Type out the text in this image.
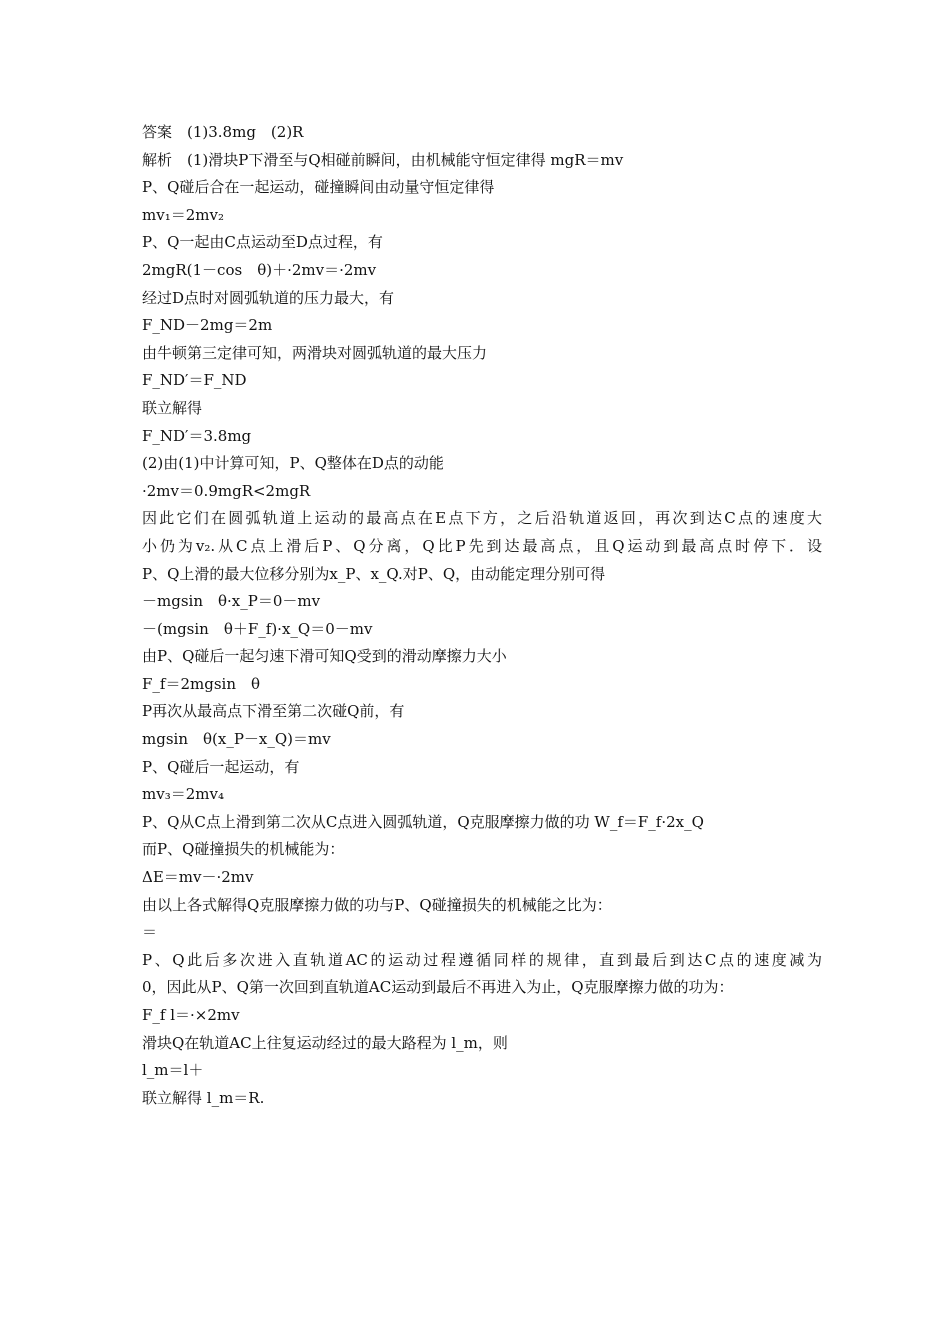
答案　(1)3.8mg　(2)R
解析　(1)滑块P下滑至与Q相碰前瞬间，由机械能守恒定律得 mgR＝mv
P、Q碰后合在一起运动，碰撞瞬间由动量守恒定律得
mv₁＝2mv₂
P、Q一起由C点运动至D点过程，有
2mgR(1－cos　θ)＋·2mv＝·2mv
经过D点时对圆弧轨道的压力最大，有
F_ND－2mg＝2m
由牛顿第三定律可知，两滑块对圆弧轨道的最大压力
F_ND′＝F_ND
联立解得
F_ND′＝3.8mg
(2)由(1)中计算可知，P、Q整体在D点的动能
·2mv＝0.9mgR<2mgR
因此它们在圆弧轨道上运动的最高点在E点下方，之后沿轨道返回，再次到达C点的速度大
小仍为v₂.从C点上滑后P、Q分离，Q比P先到达最高点，且Q运动到最高点时停下．设
P、Q上滑的最大位移分别为x_P、x_Q.对P、Q，由动能定理分别可得
－mgsin　θ·x_P＝0－mv
－(mgsin　θ＋F_f)·x_Q＝0－mv
由P、Q碰后一起匀速下滑可知Q受到的滑动摩擦力大小
F_f＝2mgsin　θ
P再次从最高点下滑至第二次碰Q前，有
mgsin　θ(x_P－x_Q)＝mv
P、Q碰后一起运动，有
mv₃＝2mv₄
P、Q从C点上滑到第二次从C点进入圆弧轨道，Q克服摩擦力做的功 W_f＝F_f·2x_Q
而P、Q碰撞损失的机械能为：
ΔE＝mv－·2mv
由以上各式解得Q克服摩擦力做的功与P、Q碰撞损失的机械能之比为：
＝
P、Q此后多次进入直轨道AC的运动过程遵循同样的规律，直到最后到达C点的速度减为
0，因此从P、Q第一次回到直轨道AC运动到最后不再进入为止，Q克服摩擦力做的功为：
F_f l＝·×2mv
滑块Q在轨道AC上往复运动经过的最大路程为 l_m，则
l_m＝l＋
联立解得 l_m＝R.
